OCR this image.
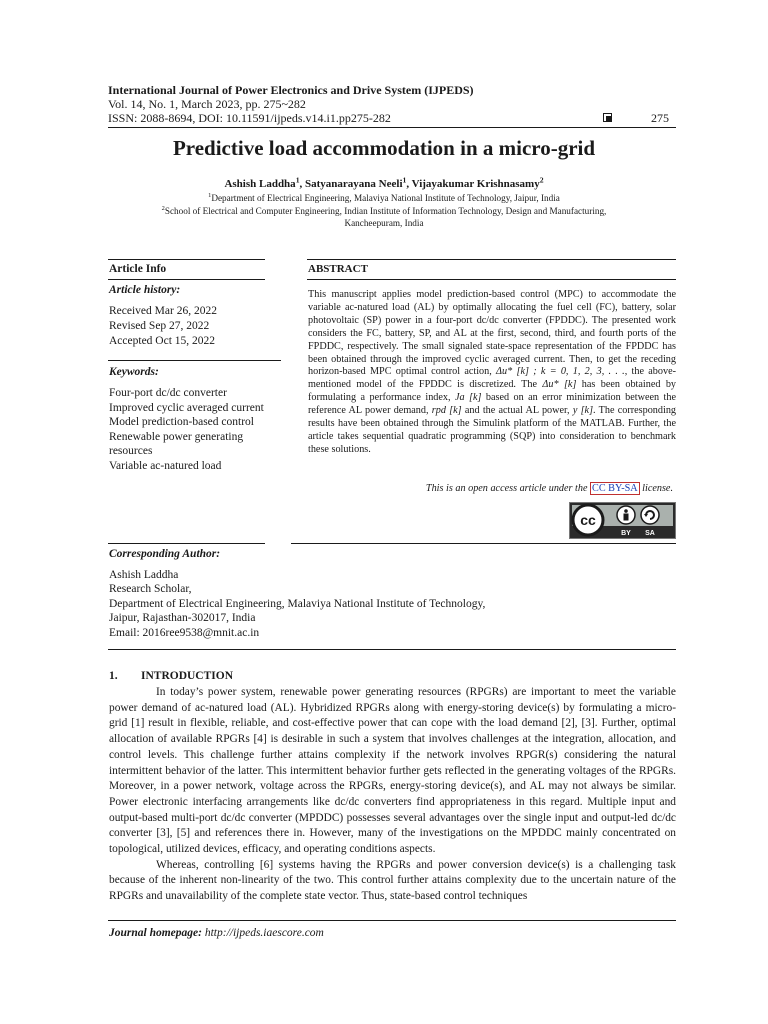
International Journal of Power Electronics and Drive System (IJPEDS)
Vol. 14, No. 1, March 2023, pp. 275~282
ISSN: 2088-8694, DOI: 10.11591/ijpeds.v14.i1.pp275-282	275
Predictive load accommodation in a micro-grid
Ashish Laddha$^1$, Satyanarayana Neeli$^1$, Vijayakumar Krishnasamy$^2$
$^1$Department of Electrical Engineering, Malaviya National Institute of Technology, Jaipur, India
$^2$School of Electrical and Computer Engineering, Indian Institute of Information Technology, Design and Manufacturing,
Kancheepuram, India
Article Info
Article history:
Received Mar 26, 2022
Revised Sep 27, 2022
Accepted Oct 15, 2022
Keywords:
Four-port dc/dc converter
Improved cyclic averaged current
Model prediction-based control
Renewable power generating
resources
Variable ac-natured load
ABSTRACT

This manuscript applies model prediction-based control (MPC) to accommodate the variable ac-natured load (AL) by optimally allocating the fuel cell (FC), battery, solar photovoltaic (SP) power in a four-port dc/dc converter (FPDDC). The presented work considers the FC, battery, SP, and AL at the first, second, third, and fourth ports of the FPDDC, respectively. The small signaled state-space representation of the FPDDC has been obtained through the improved cyclic averaged current. Then, to get the receding horizon-based MPC optimal control action, Δu* [k] ; k = 0, 1, 2, 3, . . ., the above-mentioned model of the FPDDC is discretized. The Δu* [k] has been obtained by formulating a performance index, Ja [k] based on an error minimization between the reference AL power demand, rpd [k] and the actual AL power, y [k]. The corresponding results have been obtained through the Simulink platform of the MATLAB. Further, the article takes sequential quadratic programming (SQP) into consideration to benchmark these solutions.

This is an open access article under the CC BY-SA license.
cc
BY SA
Corresponding Author:
Ashish Laddha
Research Scholar,
Department of Electrical Engineering, Malaviya National Institute of Technology,
Jaipur, Rajasthan-302017, India
Email: 2016ree9538@mnit.ac.in
1. INTRODUCTION

In today’s power system, renewable power generating resources (RPGRs) are important to meet the variable power demand of ac-natured load (AL). Hybridized RPGRs along with energy-storing device(s) by formulating a micro-grid [1] result in flexible, reliable, and cost-effective power that can cope with the load demand [2], [3]. Further, optimal allocation of available RPGRs [4] is desirable in such a system that involves challenges at the integration, allocation, and control levels. This challenge further attains complexity if the network involves RPGR(s) considering the natural intermittent behavior of the latter. This intermittent behavior further gets reflected in the generating voltages of the RPGRs. Moreover, in a power network, voltage across the RPGRs, energy-storing device(s), and AL may not always be similar. Power electronic interfacing arrangements like dc/dc converters find appropriateness in this regard. Multiple input and output-based multi-port dc/dc converter (MPDDC) possesses several advantages over the single input and output-led dc/dc converter [3], [5] and references there in. However, many of the investigations on the MPDDC mainly concentrated on topological, utilized devices, efficacy, and operating conditions aspects.

Whereas, controlling [6] systems having the RPGRs and power conversion device(s) is a challenging task because of the inherent non-linearity of the two. This control further attains complexity due to the uncertain nature of the RPGRs and unavailability of the complete state vector. Thus, state-based control techniques

Journal homepage: http://ijpeds.iaescore.com
